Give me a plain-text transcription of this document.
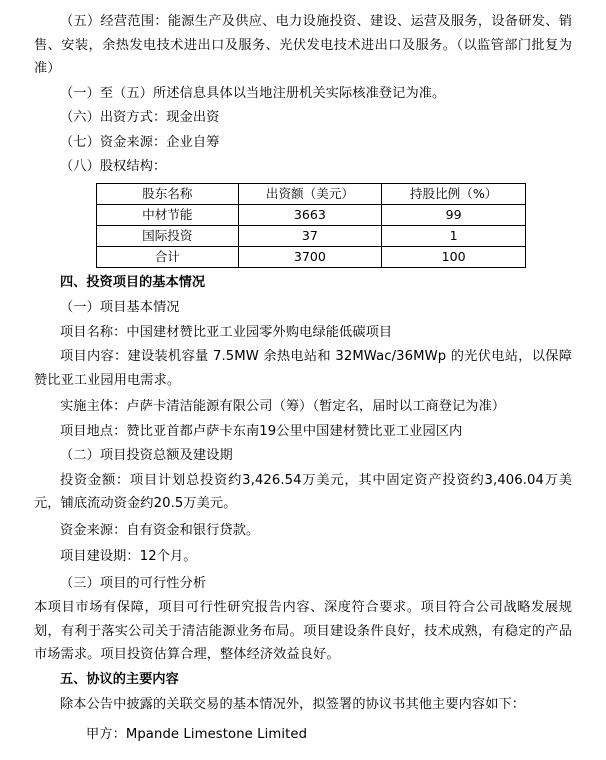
（五）经营范围：能源生产及供应、电力设施投资、建设、运营及服务，设备研发、销售、安装，余热发电技术进出口及服务、光伏发电技术进出口及服务。（以监管部门批复为准）

（一）至（五）所述信息具体以当地注册机关实际核准登记为准。

（六）出资方式：现金出资

（七）资金来源：企业自筹

（八）股权结构：

股东名称	出资额（美元）	持股比例（%）
中材节能	3663	99
国际投资	37	1
合计	3700	100

四、投资项目的基本情况

（一）项目基本情况

项目名称：中国建材赞比亚工业园零外购电绿能低碳项目

项目内容：建设装机容量 7.5MW 余热电站和 32MWac/36MWp 的光伏电站，以保障赞比亚工业园用电需求。

实施主体：卢萨卡清洁能源有限公司（筹）（暂定名，届时以工商登记为准）

项目地点：赞比亚首都卢萨卡东南19公里中国建材赞比亚工业园区内

（二）项目投资总额及建设期

投资金额：项目计划总投资约3,426.54万美元，其中固定资产投资约3,406.04万美元，铺底流动资金约20.5万美元。

资金来源：自有资金和银行贷款。

项目建设期：12个月。

（三）项目的可行性分析

本项目市场有保障，项目可行性研究报告内容、深度符合要求。项目符合公司战略发展规划，有利于落实公司关于清洁能源业务布局。项目建设条件良好，技术成熟，有稳定的产品市场需求。项目投资估算合理，整体经济效益良好。

五、协议的主要内容

除本公告中披露的关联交易的基本情况外，拟签署的协议书其他主要内容如下：

甲方：Mpande Limestone Limited
